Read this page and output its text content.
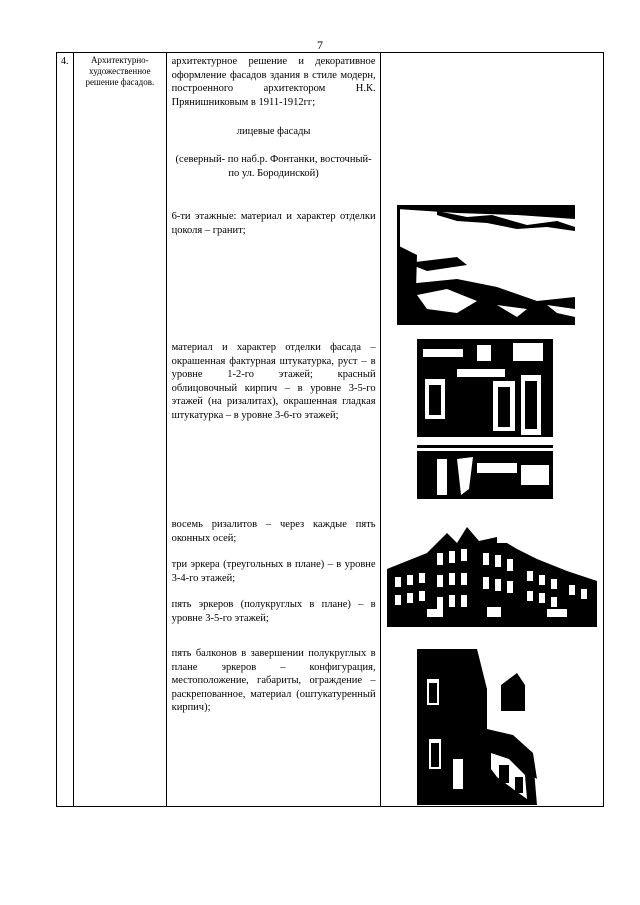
7
4.	Архитектурно-художественное решение фасадов.

архитектурное решение и декоративное оформление фасадов здания в стиле модерн, построенного архитектором Н.К. Прянишниковым в 1911-1912гг;
лицевые фасады
(северный- по наб.р. Фонтанки, восточный- по ул. Бородинской)
6-ти этажные: материал и характер отделки цоколя – гранит;
материал и характер отделки фасада – окрашенная фактурная штукатурка, руст – в уровне 1-2-го этажей; красный облицовочный кирпич – в уровне 3-5-го этажей (на ризалитах), окрашенная гладкая штукатурка – в уровне 3-6-го этажей;
восемь ризалитов – через каждые пять оконных осей;
три эркера (треугольных в плане) – в уровне 3-4-го этажей;
пять эркеров (полукруглых в плане) – в уровне 3-5-го этажей;
пять балконов в завершении полукруглых в плане эркеров – конфигурация, местоположение, габариты, ограждение – раскрепованное, материал (оштукатуренный кирпич);
